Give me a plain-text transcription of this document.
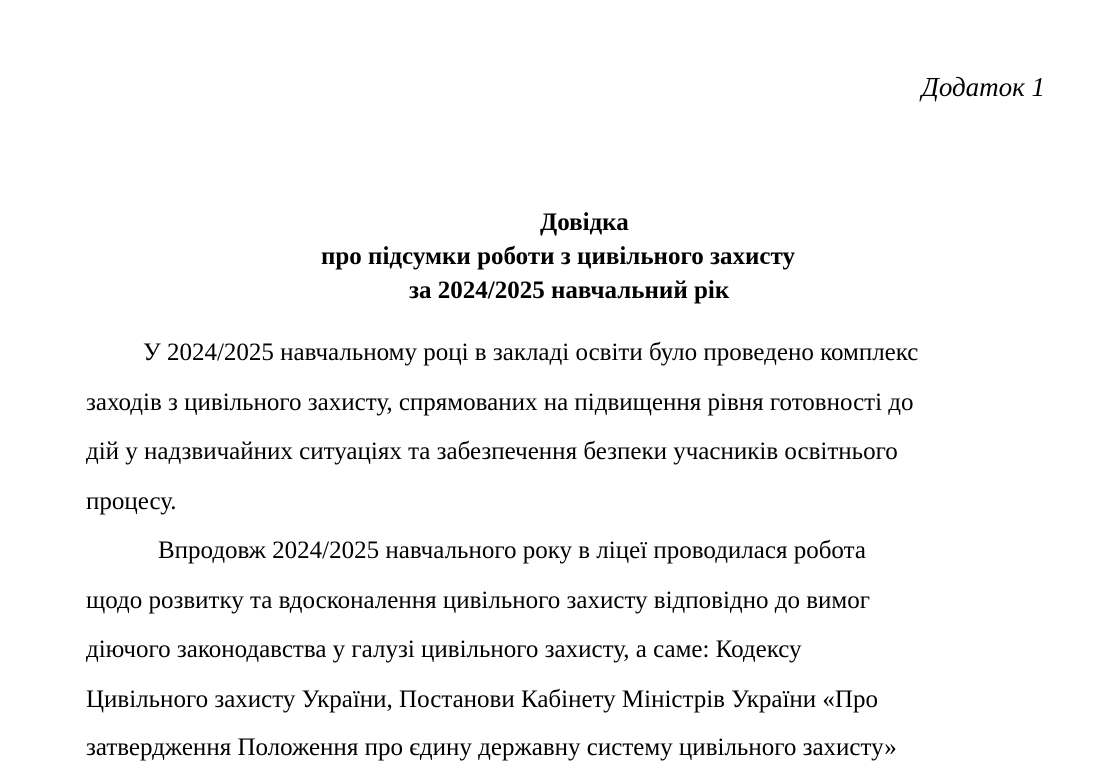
Додаток 1
Довідка
про підсумки роботи з цивільного захисту
за 2024/2025 навчальний рік
У 2024/2025 навчальному році в закладі освіти було проведено комплекс
заходів з цивільного захисту, спрямованих на підвищення рівня готовності до
дій у надзвичайних ситуаціях та забезпечення безпеки учасників освітнього
процесу.
Впродовж 2024/2025 навчального року в ліцеї проводилася робота
щодо розвитку та вдосконалення цивільного захисту відповідно до вимог
діючого законодавства у галузі цивільного захисту, а саме: Кодексу
Цивільного захисту України, Постанови Кабінету Міністрів України «Про
затвердження Положення про єдину державну систему цивільного захисту»
